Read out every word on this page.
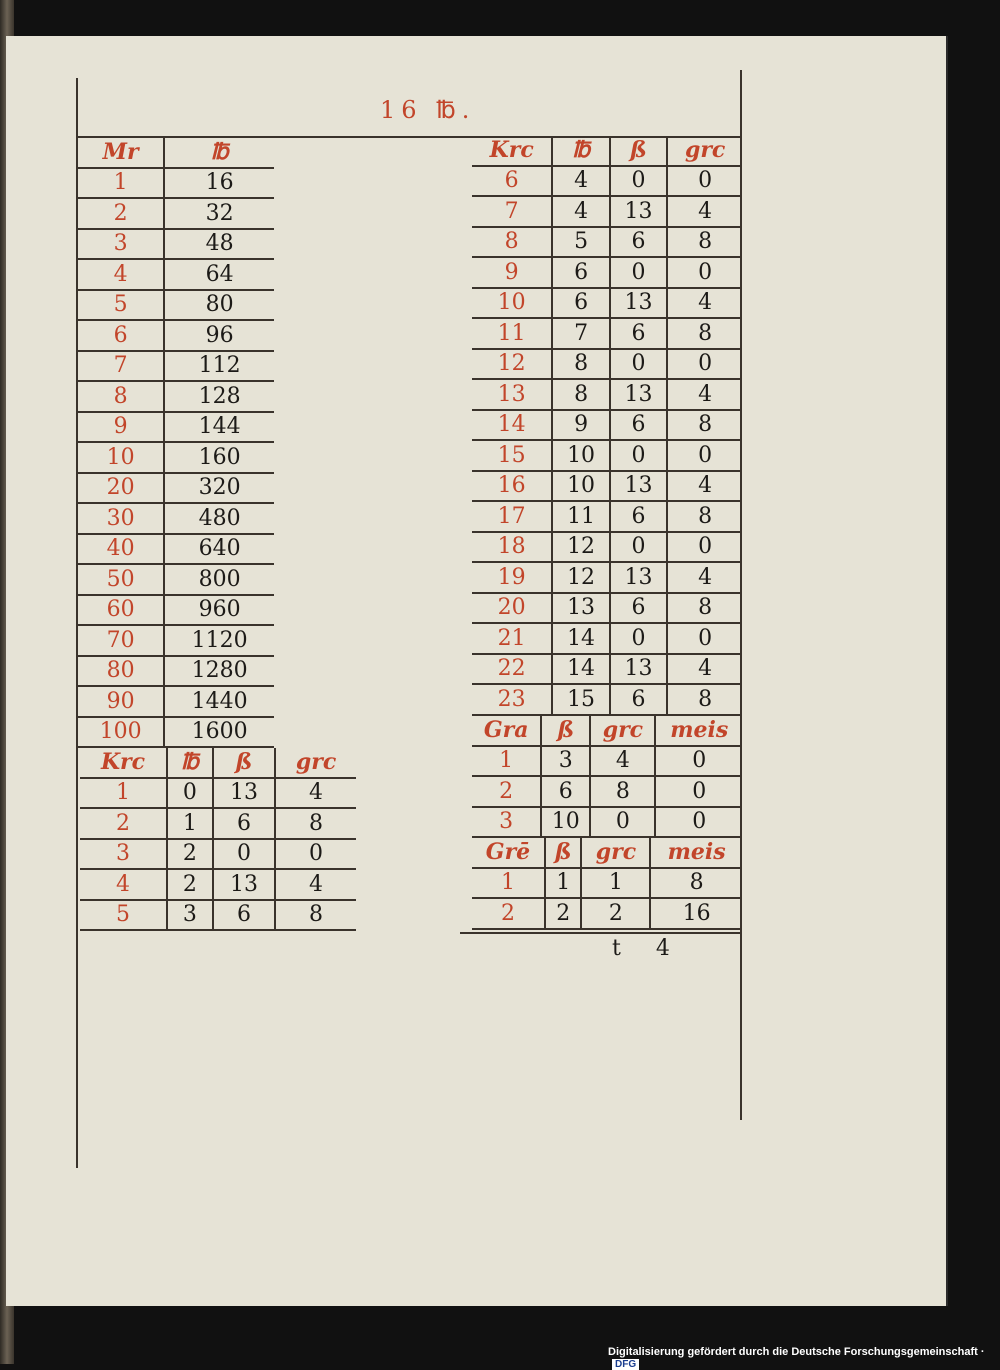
16 ℔.
Mr	℔
1	16
2	32
3	48
4	64
5	80
6	96
7	112
8	128
9	144
10	160
20	320
30	480
40	640
50	800
60	960
70	1120
80	1280
90	1440
100	1600
Krc	℔	ß	grc
1	0	13	4
2	1	6	8
3	2	0	0
4	2	13	4
5	3	6	8
Krc	℔	ß	grc
6	4	0	0
7	4	13	4
8	5	6	8
9	6	0	0
10	6	13	4
11	7	6	8
12	8	0	0
13	8	13	4
14	9	6	8
15	10	0	0
16	10	13	4
17	11	6	8
18	12	0	0
19	12	13	4
20	13	6	8
21	14	0	0
22	14	13	4
23	15	6	8
Gra	ß	grc	meis
1	3	4	0
2	6	8	0
3	10	0	0
Grē	ß	grc	meis
1	1	1	8
2	2	2	16
t 4
Digitalisierung gefördert durch die Deutsche Forschungsgemeinschaft ·DFG
